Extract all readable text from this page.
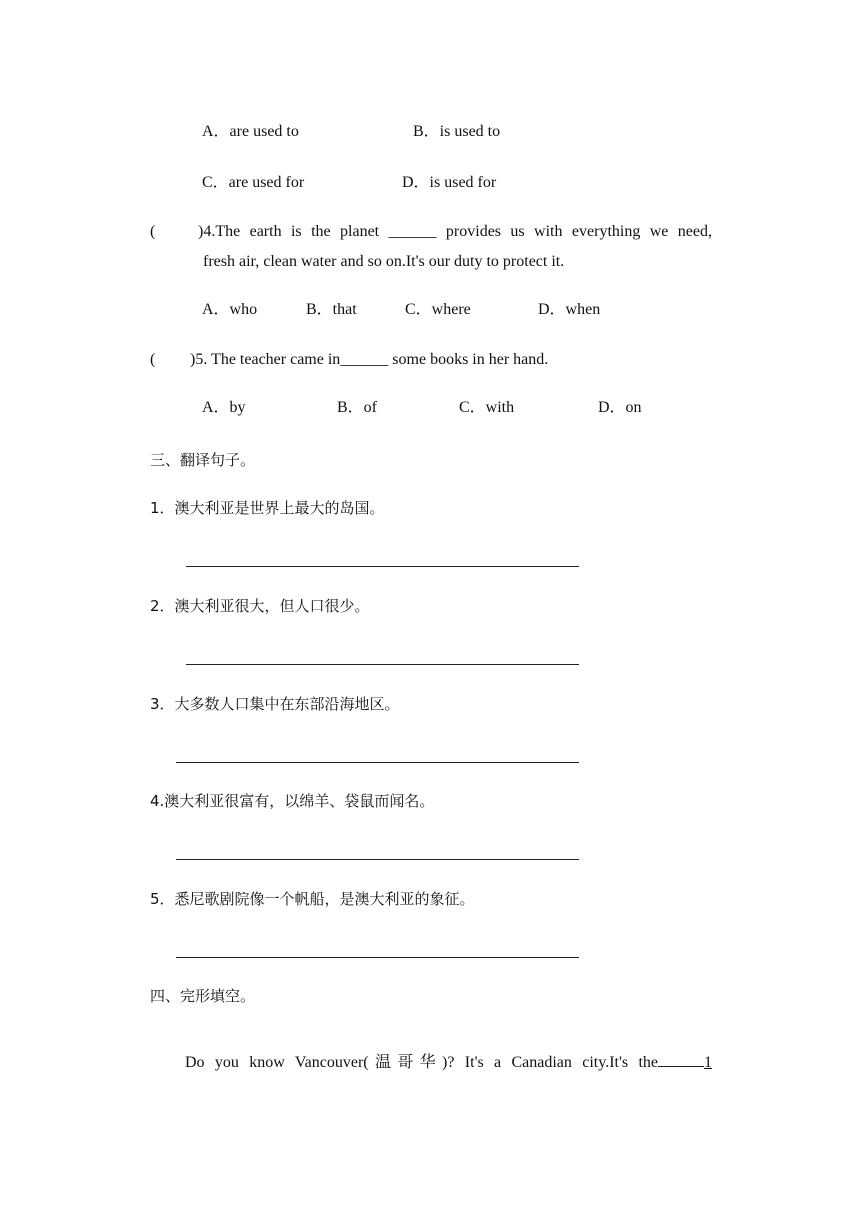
A．are used to	B．is used to
C．are used for	D．is used for
(	)4.The earth is the planet ______ provides us with everything we need,
fresh air, clean water and so on.It's our duty to protect it.
A．who	B．that	C．where	D．when
( )5. The teacher came in______ some books in her hand.
A．by	B．of	C．with	D．on
三、翻译句子。
1．澳大利亚是世界上最大的岛国。
2．澳大利亚很大，但人口很少。
3．大多数人口集中在东部沿海地区。
4.澳大利亚很富有，以绵羊、袋鼠而闻名。
5．悉尼歌剧院像一个帆船，是澳大利亚的象征。
四、完形填空。
Do you know Vancouver(温哥华)? It's a Canadian city.It's the	1
